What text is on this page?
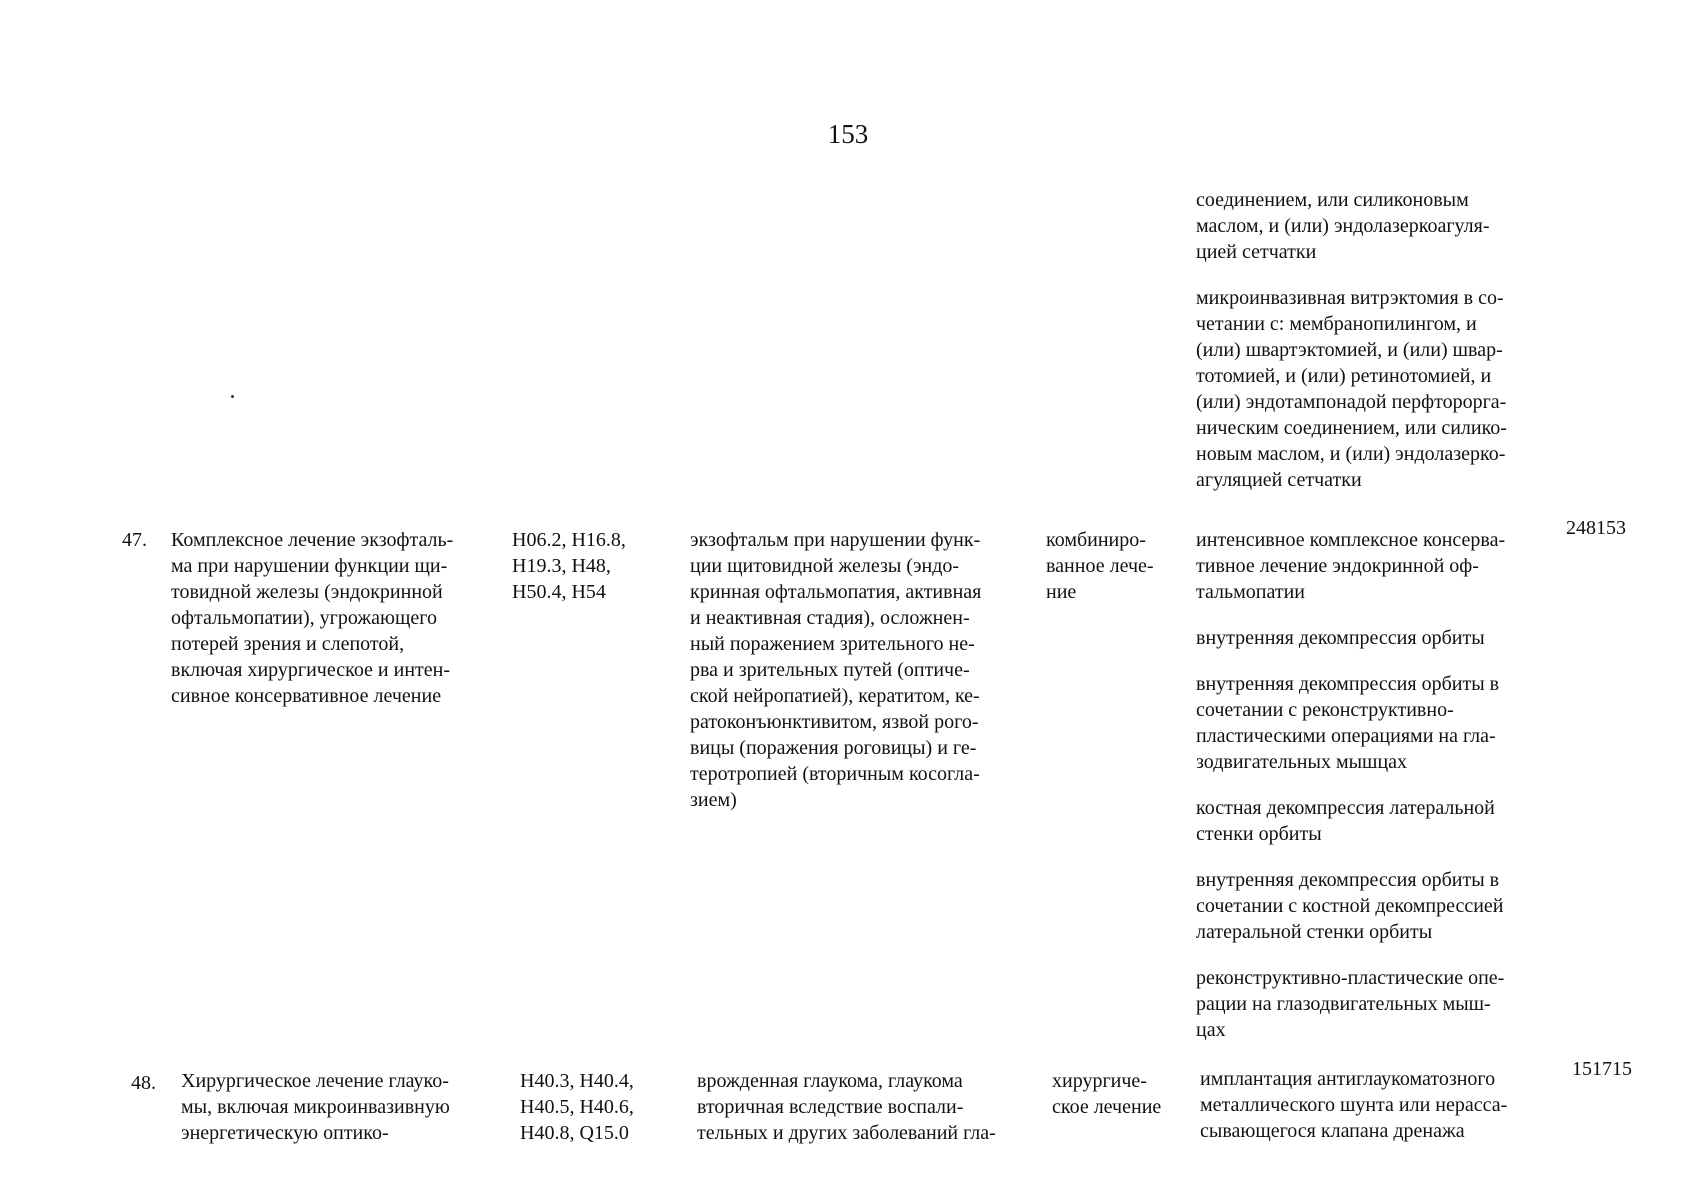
153
соединением, или силиконовым
маслом, и (или) эндолазеркоагуля-
цией сетчатки
микроинвазивная витрэктомия в со-
четании с: мембранопилингом, и
(или) швартэктомией, и (или) швар-
тотомией, и (или) ретинотомией, и
(или) эндотампонадой перфторорга-
ническим соединением, или силико-
новым маслом, и (или) эндолазерко-
агуляцией сетчатки
47. Комплексное лечение экзофталь-
ма при нарушении функции щи-
товидной железы (эндокринной
офтальмопатии), угрожающего
потерей зрения и слепотой,
включая хирургическое и интен-
сивное консервативное лечение
H06.2, H16.8,
H19.3, H48,
H50.4, H54
экзофтальм при нарушении функ-
ции щитовидной железы (эндо-
кринная офтальмопатия, активная
и неактивная стадия), осложнен-
ный поражением зрительного не-
рва и зрительных путей (оптиче-
ской нейропатией), кератитом, ке-
ратоконъюнктивитом, язвой рого-
вицы (поражения роговицы) и ге-
теротропией (вторичным косогла-
зием)
комбиниро-
ванное лече-
ние
интенсивное комплексное консерва-
тивное лечение эндокринной оф-
тальмопатии
внутренняя декомпрессия орбиты
внутренняя декомпрессия орбиты в
сочетании с реконструктивно-
пластическими операциями на гла-
зодвигательных мышцах
костная декомпрессия латеральной
стенки орбиты
внутренняя декомпрессия орбиты в
сочетании с костной декомпрессией
латеральной стенки орбиты
реконструктивно-пластические опе-
рации на глазодвигательных мыш-
цах
248153
48. Хирургическое лечение глауко-
мы, включая микроинвазивную
энергетическую оптико-
H40.3, H40.4,
H40.5, H40.6,
H40.8, Q15.0
врожденная глаукома, глаукома
вторичная вследствие воспали-
тельных и других заболеваний гла-
хирургиче-
ское лечение
имплантация антиглаукоматозного
металлического шунта или нерасса-
сывающегося клапана дренажа
151715
